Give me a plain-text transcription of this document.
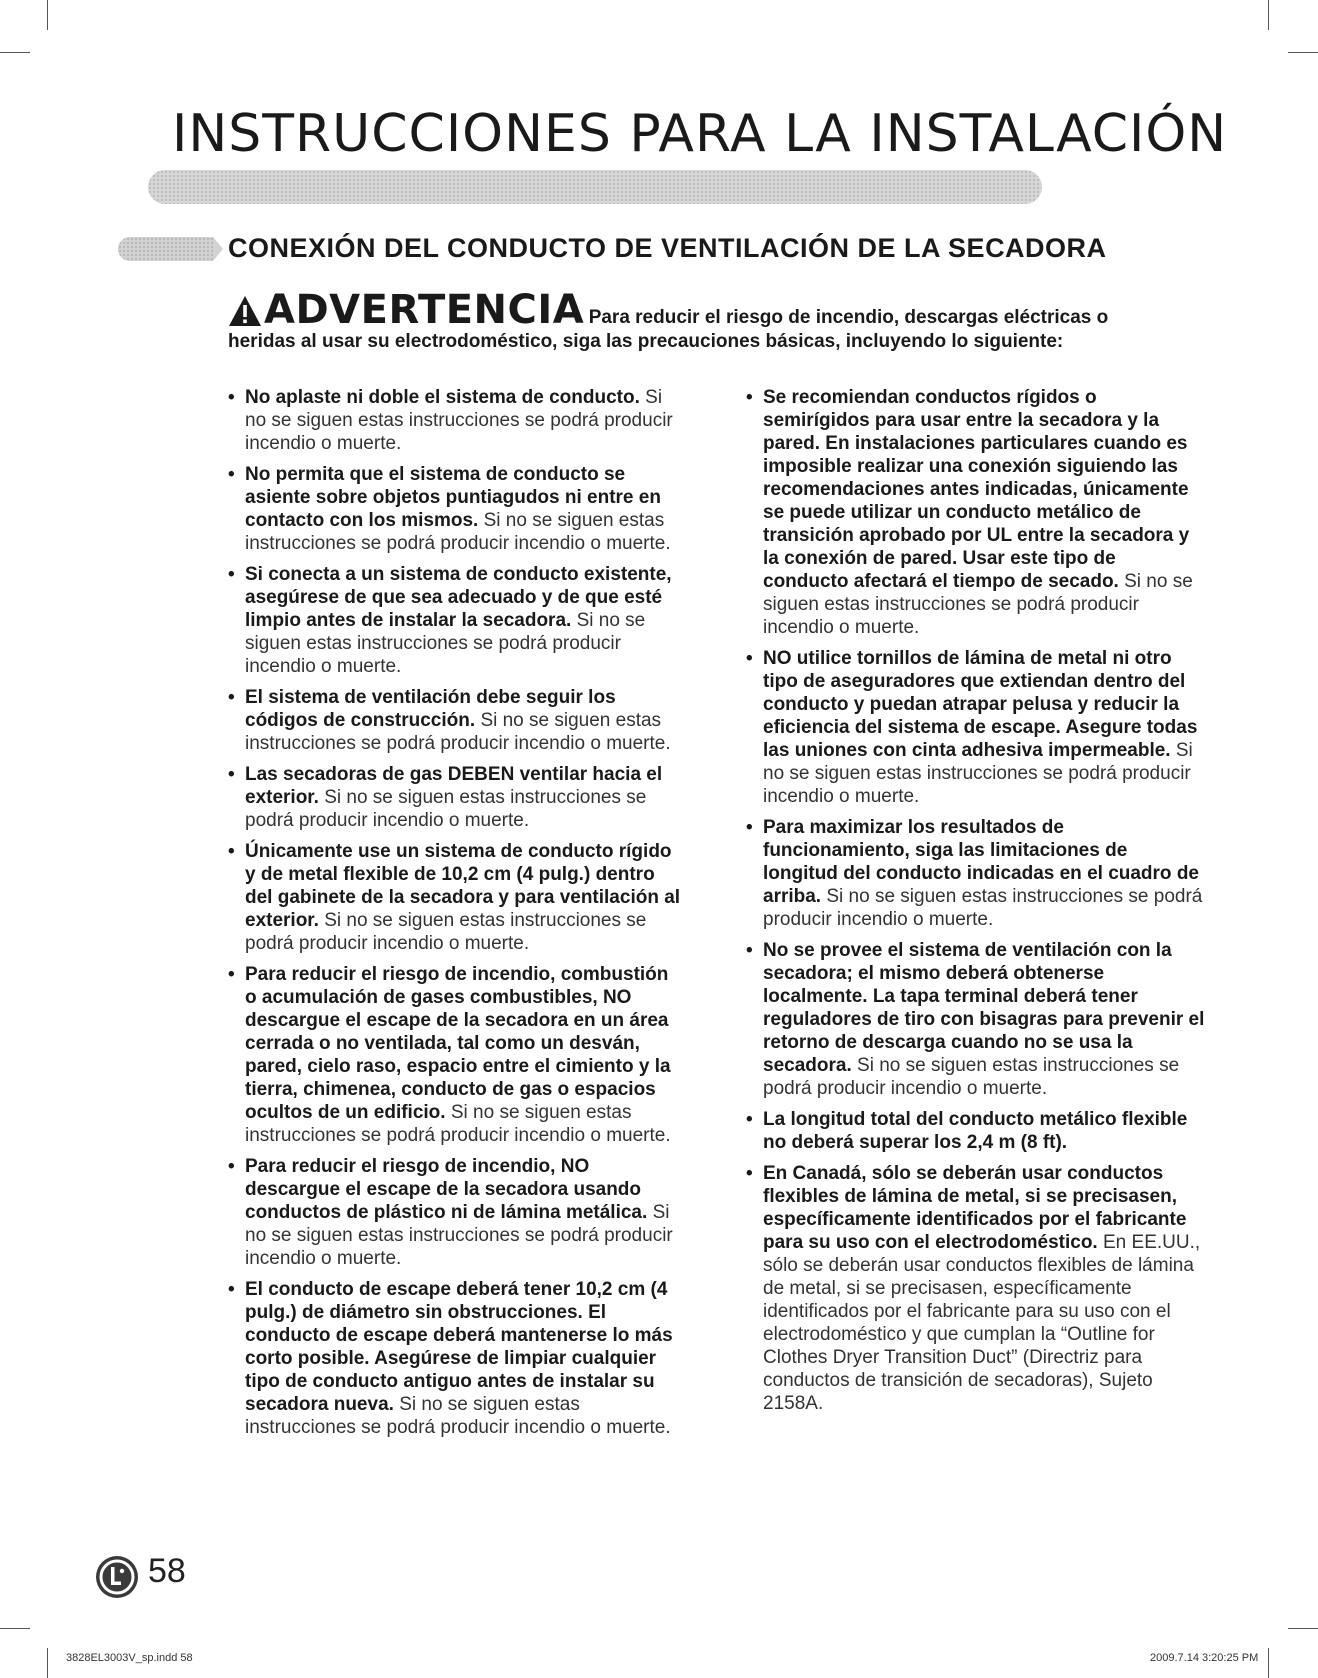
INSTRUCCIONES PARA LA INSTALACIÓN
CONEXIÓN DEL CONDUCTO DE VENTILACIÓN DE LA SECADORA
ADVERTENCIA Para reducir el riesgo de incendio, descargas eléctricas o heridas al usar su electrodoméstico, siga las precauciones básicas, incluyendo lo siguiente:
• No aplaste ni doble el sistema de conducto. Si no se siguen estas instrucciones se podrá producir incendio o muerte.
• No permita que el sistema de conducto se asiente sobre objetos puntiagudos ni entre en contacto con los mismos. Si no se siguen estas instrucciones se podrá producir incendio o muerte.
• Si conecta a un sistema de conducto existente, asegúrese de que sea adecuado y de que esté limpio antes de instalar la secadora. Si no se siguen estas instrucciones se podrá producir incendio o muerte.
• El sistema de ventilación debe seguir los códigos de construcción. Si no se siguen estas instrucciones se podrá producir incendio o muerte.
• Las secadoras de gas DEBEN ventilar hacia el exterior. Si no se siguen estas instrucciones se podrá producir incendio o muerte.
• Únicamente use un sistema de conducto rígido y de metal flexible de 10,2 cm (4 pulg.) dentro del gabinete de la secadora y para ventilación al exterior. Si no se siguen estas instrucciones se podrá producir incendio o muerte.
• Para reducir el riesgo de incendio, combustión o acumulación de gases combustibles, NO descargue el escape de la secadora en un área cerrada o no ventilada, tal como un desván, pared, cielo raso, espacio entre el cimiento y la tierra, chimenea, conducto de gas o espacios ocultos de un edificio. Si no se siguen estas instrucciones se podrá producir incendio o muerte.
• Para reducir el riesgo de incendio, NO descargue el escape de la secadora usando conductos de plástico ni de lámina metálica. Si no se siguen estas instrucciones se podrá producir incendio o muerte.
• El conducto de escape deberá tener 10,2 cm (4 pulg.) de diámetro sin obstrucciones. El conducto de escape deberá mantenerse lo más corto posible. Asegúrese de limpiar cualquier tipo de conducto antiguo antes de instalar su secadora nueva. Si no se siguen estas instrucciones se podrá producir incendio o muerte.
• Se recomiendan conductos rígidos o semirígidos para usar entre la secadora y la pared. En instalaciones particulares cuando es imposible realizar una conexión siguiendo las recomendaciones antes indicadas, únicamente se puede utilizar un conducto metálico de transición aprobado por UL entre la secadora y la conexión de pared. Usar este tipo de conducto afectará el tiempo de secado. Si no se siguen estas instrucciones se podrá producir incendio o muerte.
• NO utilice tornillos de lámina de metal ni otro tipo de aseguradores que extiendan dentro del conducto y puedan atrapar pelusa y reducir la eficiencia del sistema de escape. Asegure todas las uniones con cinta adhesiva impermeable. Si no se siguen estas instrucciones se podrá producir incendio o muerte.
• Para maximizar los resultados de funcionamiento, siga las limitaciones de longitud del conducto indicadas en el cuadro de arriba. Si no se siguen estas instrucciones se podrá producir incendio o muerte.
• No se provee el sistema de ventilación con la secadora; el mismo deberá obtenerse localmente. La tapa terminal deberá tener reguladores de tiro con bisagras para prevenir el retorno de descarga cuando no se usa la secadora. Si no se siguen estas instrucciones se podrá producir incendio o muerte.
• La longitud total del conducto metálico flexible no deberá superar los 2,4 m (8 ft).
• En Canadá, sólo se deberán usar conductos flexibles de lámina de metal, si se precisasen, específicamente identificados por el fabricante para su uso con el electrodoméstico. En EE.UU., sólo se deberán usar conductos flexibles de lámina de metal, si se precisasen, específicamente identificados por el fabricante para su uso con el electrodoméstico y que cumplan la “Outline for Clothes Dryer Transition Duct” (Directriz para conductos de transición de secadoras), Sujeto 2158A.
58
3828EL3003V_sp.indd 58	2009.7.14 3:20:25 PM
